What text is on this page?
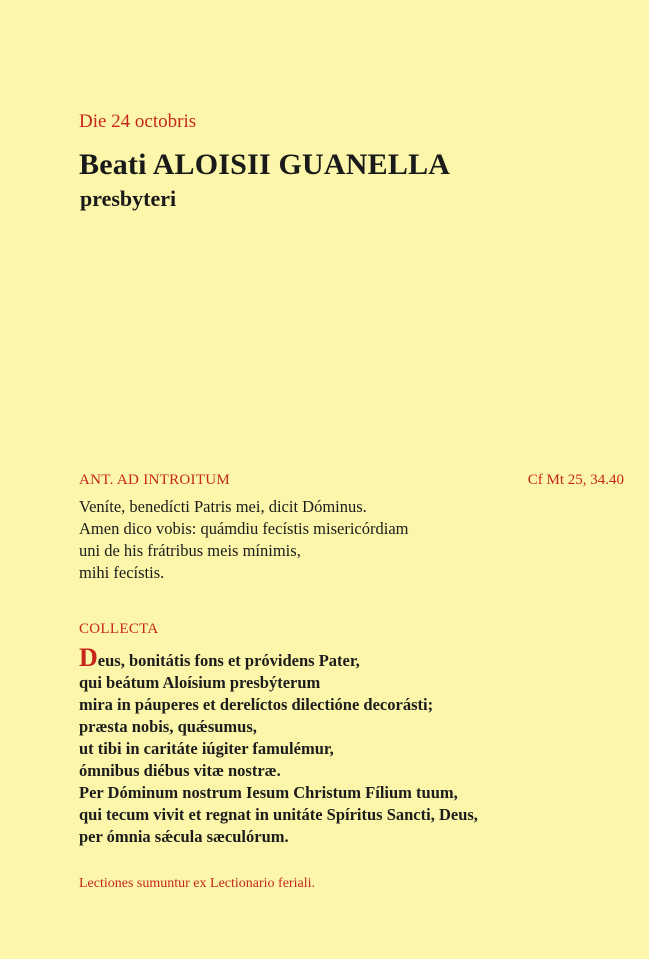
Die 24 octobris
Beati ALOISII GUANELLA
presbyteri
ANT. AD INTROITUM	Cf Mt 25, 34.40
Veníte, benedícti Patris mei, dicit Dóminus.
Amen dico vobis: quámdiu fecístis misericórdiam
uni de his frátribus meis mínimis,
mihi fecístis.
COLLECTA
Deus, bonitátis fons et próvidens Pater,
qui beátum Aloísium presbýterum
mira in páuperes et derelíctos dilectióne decorásti;
præsta nobis, quǽsumus,
ut tibi in caritáte iúgiter famulémur,
ómnibus diébus vitæ nostræ.
Per Dóminum nostrum Iesum Christum Fílium tuum,
qui tecum vivit et regnat in unitáte Spíritus Sancti, Deus,
per ómnia sǽcula sæculórum.
Lectiones sumuntur ex Lectionario feriali.
